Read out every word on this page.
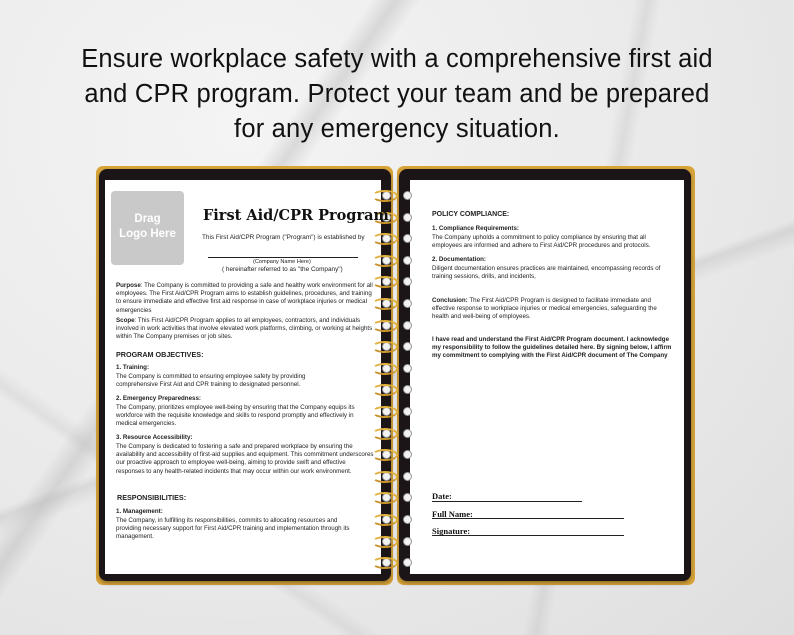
Ensure workplace safety with a comprehensive first aid
and CPR program. Protect your team and be prepared
for any emergency situation.
Drag
Logo Here
First Aid/CPR Program
This First Aid/CPR Program ("Program") is established by
(Company Name Here)
( hereinafter referred to as "the Company")
Purpose: The Company is committed to providing a safe and healthy work environment for all employees. The First Aid/CPR Program aims to establish guidelines, procedures, and training to ensure immediate and effective first aid response in case of workplace injuries or medical emergencies
Scope: This First Aid/CPR Program applies to all employees, contractors, and individuals involved in work activities that involve elevated work platforms, climbing, or working at heights within The Company premises or job sites.
PROGRAM OBJECTIVES:
1. Training:
The Company is committed to ensuring employee safety by providing comprehensive First Aid and CPR training to designated personnel.
2. Emergency Preparedness:
The Company, prioritizes employee well-being by ensuring that the Company equips its workforce with the requisite knowledge and skills to respond promptly and effectively in medical emergencies.
3. Resource Accessibility:
The Company is dedicated to fostering a safe and prepared workplace by ensuring the availability and accessibility of first-aid supplies and equipment. This commitment underscores our proactive approach to employee well-being, aiming to provide swift and effective responses to any health-related incidents that may occur within our work environment.
RESPONSIBILITIES:
1. Management:
The Company, in fulfilling its responsibilities, commits to allocating resources and providing necessary support for First Aid/CPR training and implementation through its management.
POLICY COMPLIANCE:
1. Compliance Requirements:
The Company upholds a commitment to policy compliance by ensuring that all employees are informed and adhere to First Aid/CPR procedures and protocols.
2. Documentation:
Diligent documentation ensures practices are maintained, encompassing records of training sessions, drills, and incidents,
Conclusion: The First Aid/CPR Program is designed to facilitate immediate and effective response to workplace injuries or medical emergencies, safeguarding the health and well-being of employees.
I have read and understand the First Aid/CPR Program document. I acknowledge my responsibility to follow the guidelines detailed here. By signing below, I affirm my commitment to complying with the First Aid/CPR document of The Company
Date:
Full Name:
Signature:
